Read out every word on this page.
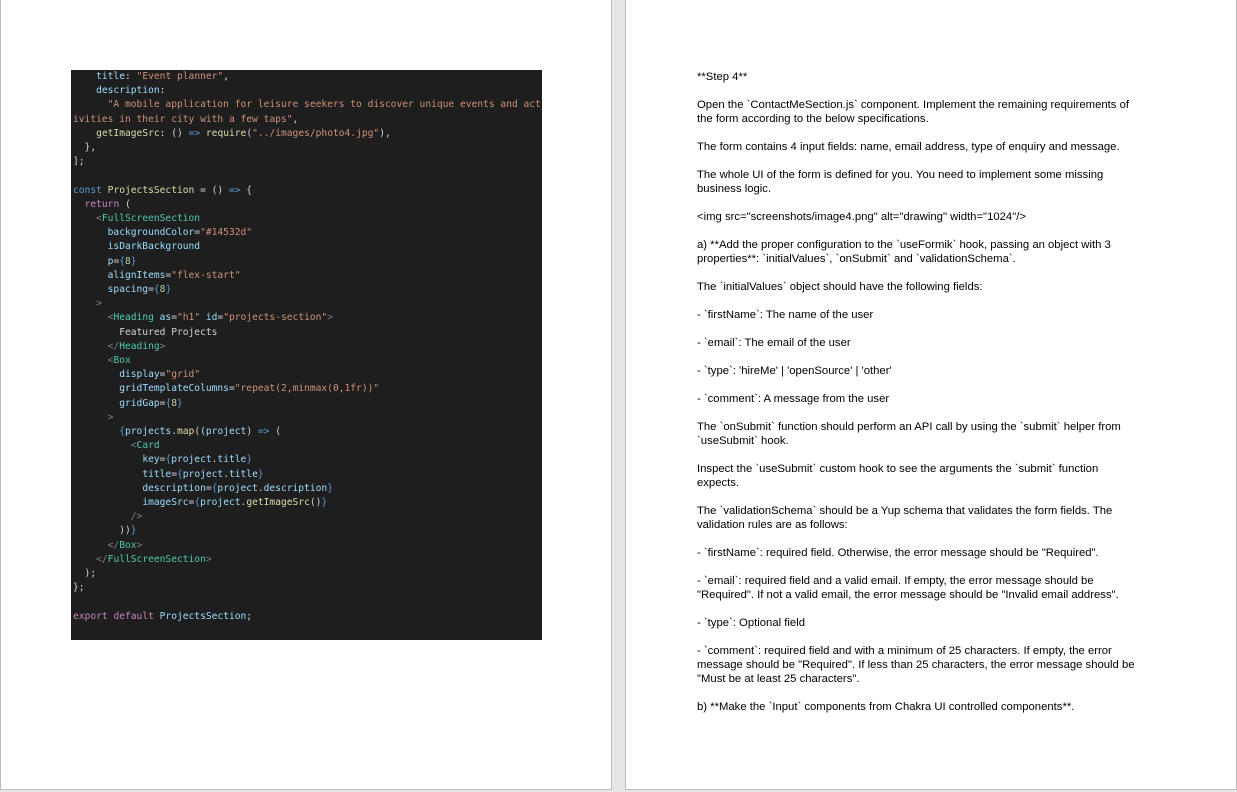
title: "Event planner",
description:
"A mobile application for leisure seekers to discover unique events and act
ivities in their city with a few taps",
getImageSrc: () => require("../images/photo4.jpg"),
},
];
const ProjectsSection = () => {
return (
<FullScreenSection
backgroundColor="#14532d"
isDarkBackground
p={8}
alignItems="flex-start"
spacing={8}
>
<Heading as="h1" id="projects-section">
Featured Projects
</Heading>
<Box
display="grid"
gridTemplateColumns="repeat(2,minmax(0,1fr))"
gridGap={8}
>
{projects.map((project) => (
<Card
key={project.title}
title={project.title}
description={project.description}
imageSrc={project.getImageSrc()}
/>
))}
</Box>
</FullScreenSection>
);
};
export default ProjectsSection;
**Step 4**
Open the `ContactMeSection.js` component. Implement the remaining requirements of
the form according to the below specifications.
The form contains 4 input fields: name, email address, type of enquiry and message.
The whole UI of the form is defined for you. You need to implement some missing
business logic.
<img src="screenshots/image4.png" alt="drawing" width="1024"/>
a) **Add the proper configuration to the `useFormik` hook, passing an object with 3
properties**: `initialValues`, `onSubmit` and `validationSchema`.
The `initialValues` object should have the following fields:
- `firstName`: The name of the user
- `email`: The email of the user
- `type`: 'hireMe' | 'openSource' | 'other'
- `comment`: A message from the user
The `onSubmit` function should perform an API call by using the `submit` helper from
`useSubmit` hook.
Inspect the `useSubmit` custom hook to see the arguments the `submit` function
expects.
The `validationSchema` should be a Yup schema that validates the form fields. The
validation rules are as follows:
- `firstName`: required field. Otherwise, the error message should be "Required".
- `email`: required field and a valid email. If empty, the error message should be
"Required". If not a valid email, the error message should be "Invalid email address".
- `type`: Optional field
- `comment`: required field and with a minimum of 25 characters. If empty, the error
message should be "Required". If less than 25 characters, the error message should be
"Must be at least 25 characters".
b) **Make the `Input` components from Chakra UI controlled components**.
